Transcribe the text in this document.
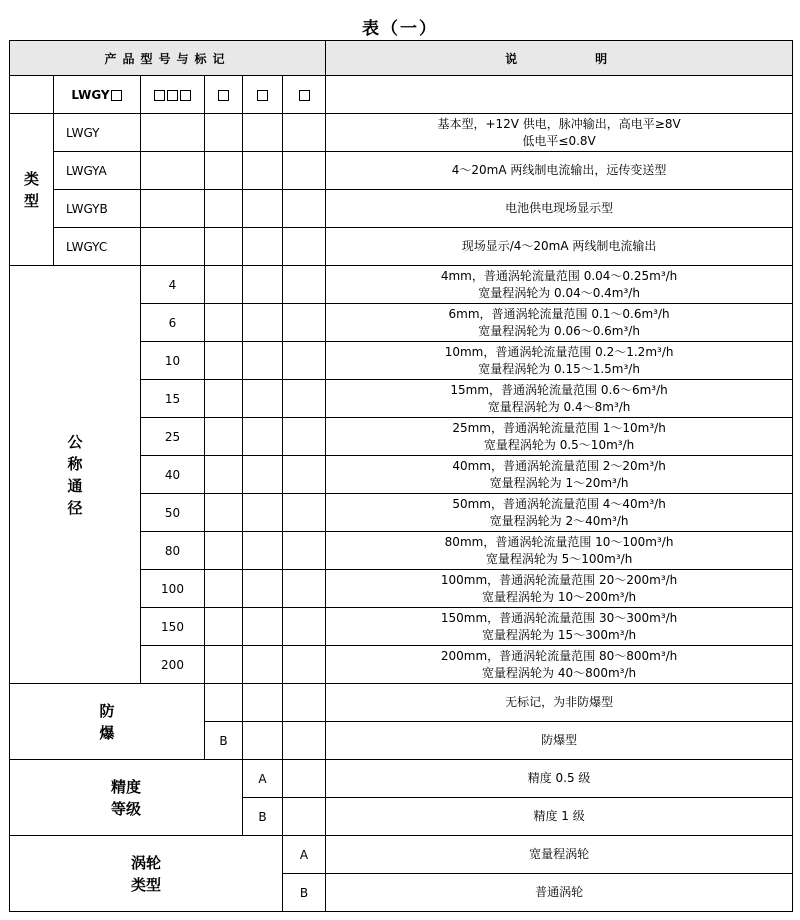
表（一）
产品型号与标记						说　　　　明
	LWGY					

类型	LWGY					基本型，+12V 供电，脉冲输出，高电平≥8V
低电平≤0.8V

	LWGYA					4～20mA 两线制电流输出，远传变送型
	LWGYB					电池供电现场显示型
	LWGYC					现场显示/4～20mA 两线制电流输出

公称通径		4				4mm，普通涡轮流量范围 0.04～0.25m³/h
宽量程涡轮为 0.04～0.4m³/h

		6				6mm，普通涡轮流量范围 0.1～0.6m³/h
宽量程涡轮为 0.06～0.6m³/h

		10				10mm，普通涡轮流量范围 0.2～1.2m³/h
宽量程涡轮为 0.15～1.5m³/h

		15				15mm，普通涡轮流量范围 0.6～6m³/h
宽量程涡轮为 0.4～8m³/h

		25				25mm，普通涡轮流量范围 1～10m³/h
宽量程涡轮为 0.5～10m³/h

		40				40mm，普通涡轮流量范围 2～20m³/h
宽量程涡轮为 1～20m³/h

		50				50mm，普通涡轮流量范围 4～40m³/h
宽量程涡轮为 2～40m³/h

		80				80mm，普通涡轮流量范围 10～100m³/h
宽量程涡轮为 5～100m³/h

		100				100mm，普通涡轮流量范围 20～200m³/h
宽量程涡轮为 10～200m³/h

		150				150mm，普通涡轮流量范围 30～300m³/h
宽量程涡轮为 15～300m³/h

		200				200mm，普通涡轮流量范围 80～800m³/h
宽量程涡轮为 40～800m³/h

防
爆						无标记，为非防爆型
			B			防爆型

精度
等级				A		精度 0.5 级
				B		精度 1 级

涡轮
类型					A	宽量程涡轮
					B	普通涡轮
